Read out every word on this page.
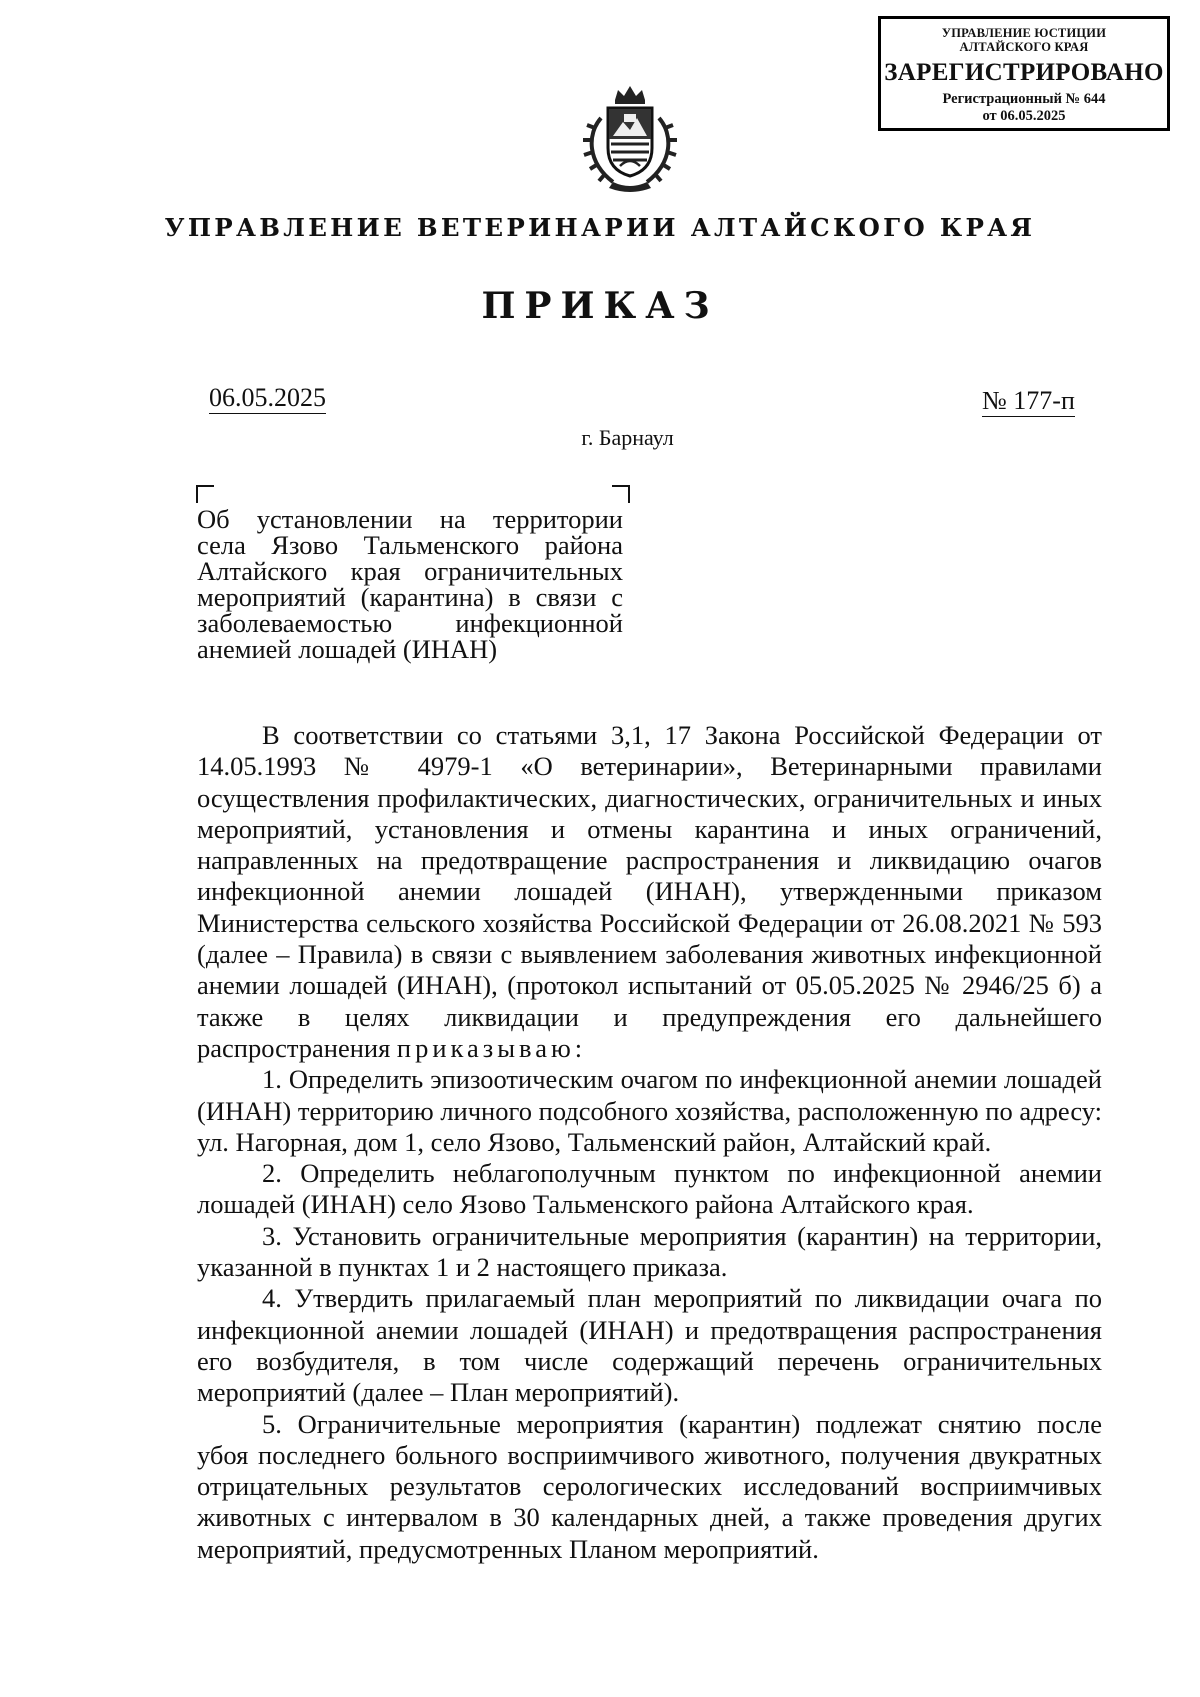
УПРАВЛЕНИЕ ЮСТИЦИИ
АЛТАЙСКОГО КРАЯ
ЗАРЕГИСТРИРОВАНО
Регистрационный № 644
от 06.05.2025
УПРАВЛЕНИЕ ВЕТЕРИНАРИИ АЛТАЙСКОГО КРАЯ
ПРИКАЗ
06.05.2025	№ 177-п
г. Барнаул
Об установлении на территории
села Язово Тальменского района
Алтайского края ограничительных
мероприятий (карантина) в связи с
заболеваемостью инфекционной
анемией лошадей (ИНАН)

В соответствии со статьями 3,1, 17 Закона Российской Федерации от 14.05.1993 № 4979-1 «О ветеринарии», Ветеринарными правилами осуществления профилактических, диагностических, ограничительных и иных мероприятий, установления и отмены карантина и иных ограничений, направленных на предотвращение распространения и ликвидацию очагов инфекционной анемии лошадей (ИНАН), утвержденными приказом Министерства сельского хозяйства Российской Федерации от 26.08.2021 № 593 (далее – Правила) в связи с выявлением заболевания животных инфекционной анемии лошадей (ИНАН), (протокол испытаний от 05.05.2025 № 2946/25 б) а также в целях ликвидации и предупреждения его дальнейшего распространения приказываю:

1. Определить эпизоотическим очагом по инфекционной анемии лошадей (ИНАН) территорию личного подсобного хозяйства, расположенную по адресу: ул. Нагорная, дом 1, село Язово, Тальменский район, Алтайский край.

2. Определить неблагополучным пунктом по инфекционной анемии лошадей (ИНАН) село Язово Тальменского района Алтайского края.

3. Установить ограничительные мероприятия (карантин) на территории, указанной в пунктах 1 и 2 настоящего приказа.

4. Утвердить прилагаемый план мероприятий по ликвидации очага по инфекционной анемии лошадей (ИНАН) и предотвращения распространения его возбудителя, в том числе содержащий перечень ограничительных мероприятий (далее – План мероприятий).

5. Ограничительные мероприятия (карантин) подлежат снятию после убоя последнего больного восприимчивого животного, получения двукратных отрицательных результатов серологических исследований восприимчивых животных с интервалом в 30 календарных дней, а также проведения других мероприятий, предусмотренных Планом мероприятий.
